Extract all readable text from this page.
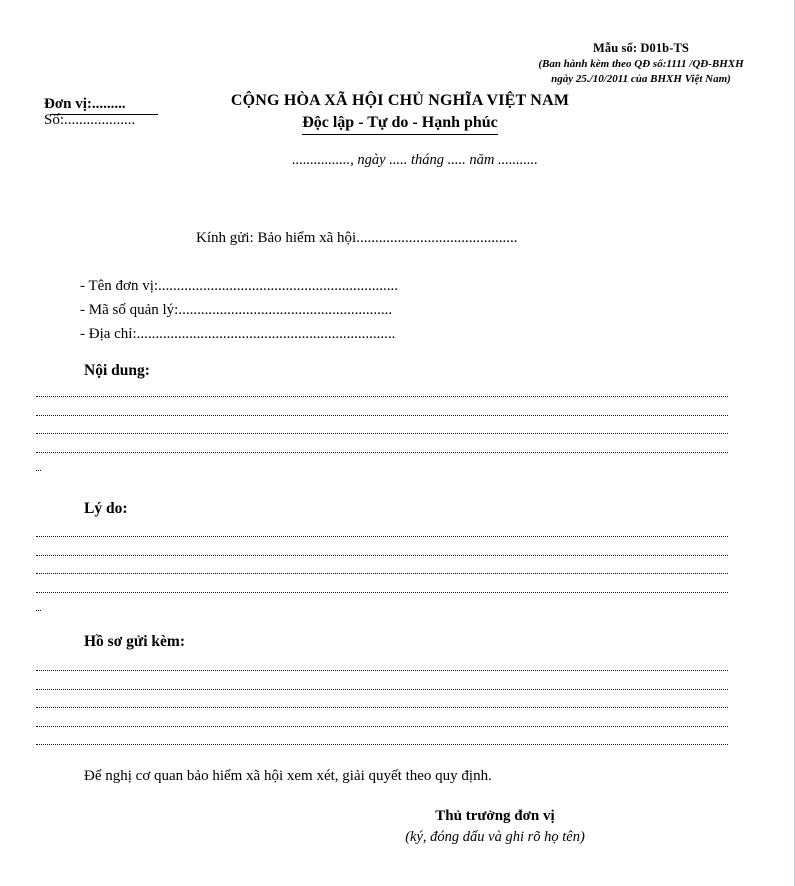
Mẫu số: D01b-TS
(Ban hành kèm theo QĐ số:1111 /QĐ-BHXH
ngày 25./10/2011 của BHXH Việt Nam)
Đơn vị:.........
Số:...................
CỘNG HÒA XÃ HỘI CHỦ NGHĨA VIỆT NAM
Độc lập - Tự do - Hạnh phúc
................, ngày ..... tháng ..... năm ...........
Kính gửi: Bảo hiểm xã hội...........................................
- Tên đơn vị:................................................................
- Mã số quản lý:.........................................................
- Địa chỉ:.....................................................................
Nội dung:
Lý do:
Hồ sơ gửi kèm:
Để nghị cơ quan bảo hiểm xã hội xem xét, giải quyết theo quy định.
Thủ trưởng đơn vị
(ký, đóng dấu và ghi rõ họ tên)
